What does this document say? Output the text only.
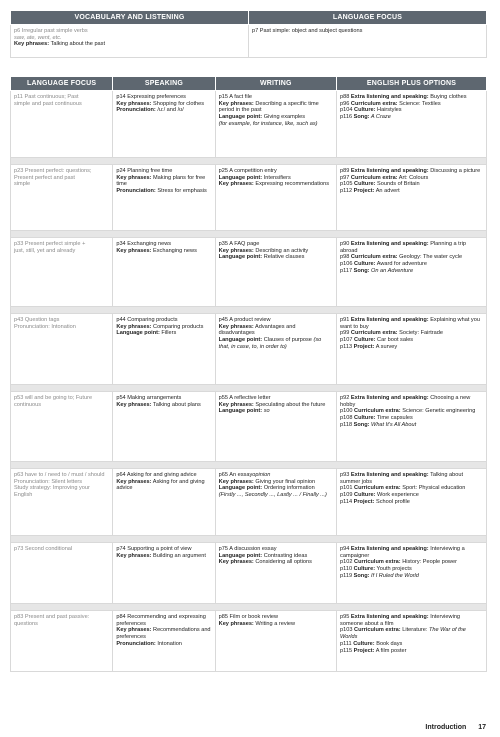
VOCABULARY AND LISTENING	LANGUAGE FOCUS

p6 Irregular past simple verbs
saw, ate, went, etc.
Key phrases: Talking about the past	p7 Past simple: object and subject questions
LANGUAGE FOCUS	SPEAKING	WRITING	ENGLISH PLUS OPTIONS

p11 Past continuous; Past
simple and past continuous	p14 Expressing preferences
Key phrases: Shopping for clothes
Pronunciation: /u:/ and /ʊ/	p15 A fact file
Key phrases: Describing a specific time period in the past
Language point: Giving examples
(for example, for instance, like, such as)	p88 Extra listening and speaking: Buying clothes
p96 Curriculum extra: Science: Textiles
p104 Culture: Hairstyles
p116 Song: A Craze

p23 Present perfect: questions;
Present perfect and past
simple	p24 Planning free time
Key phrases: Making plans for free time
Pronunciation: Stress for emphasis	p25 A competition entry
Language point: Intensifiers
Key phrases: Expressing recommendations	p89 Extra listening and speaking: Discussing a picture
p97 Curriculum extra: Art: Colours
p105 Culture: Sounds of Britain
p112 Project: An advert

p33 Present perfect simple +
just, still, yet and already	p34 Exchanging news
Key phrases: Exchanging news	p35 A FAQ page
Key phrases: Describing an activity
Language point: Relative clauses	p90 Extra listening and speaking: Planning a trip abroad
p98 Curriculum extra: Geology: The water cycle
p106 Culture: Award for adventure
p117 Song: On an Adventure

p43 Question tags
Pronunciation: Intonation	p44 Comparing products
Key phrases: Comparing products
Language point: Fillers	p45 A product review
Key phrases: Advantages and disadvantages
Language point: Clauses of purpose (so that, in case, to, in order to)	p91 Extra listening and speaking: Explaining what you want to buy
p99 Curriculum extra: Society: Fairtrade
p107 Culture: Car boot sales
p113 Project: A survey

p53 will and be going to; Future
continuous	p54 Making arrangements
Key phrases: Talking about plans	p55 A reflective letter
Key phrases: Speculating about the future
Language point: so	p92 Extra listening and speaking: Choosing a new hobby
p100 Curriculum extra: Science: Genetic engineering
p108 Culture: Time capsules
p118 Song: What It's All About

p63 have to / need to / must / should
Pronunciation: Silent letters
Study strategy: Improving your English	p64 Asking for and giving advice
Key phrases: Asking for and giving advice	p65 An essayopinion
Key phrases: Giving your final opinion
Language point: Ordering information (Firstly ..., Secondly ..., Lastly ... / Finally ...)	p93 Extra listening and speaking: Talking about summer jobs
p101 Curriculum extra: Sport: Physical education
p109 Culture: Work experience
p114 Project: School profile

p73 Second conditional	p74 Supporting a point of view
Key phrases: Building an argument	p75 A discussion essay
Language point: Contrasting ideas
Key phrases: Considering all options	p94 Extra listening and speaking: Interviewing a campaigner
p102 Curriculum extra: History: People power
p110 Culture: Youth projects
p119 Song: If I Ruled the World

p83 Present and past passive:
questions	p84 Recommending and expressing preferences
Key phrases: Recommendations and preferences
Pronunciation: Intonation	p85 Film or book review
Key phrases: Writing a review	p95 Extra listening and speaking: Interviewing someone about a film
p103 Curriculum extra: Literature: The War of the Worlds
p111 Culture: Book days
p115 Project: A film poster
Introduction 17
